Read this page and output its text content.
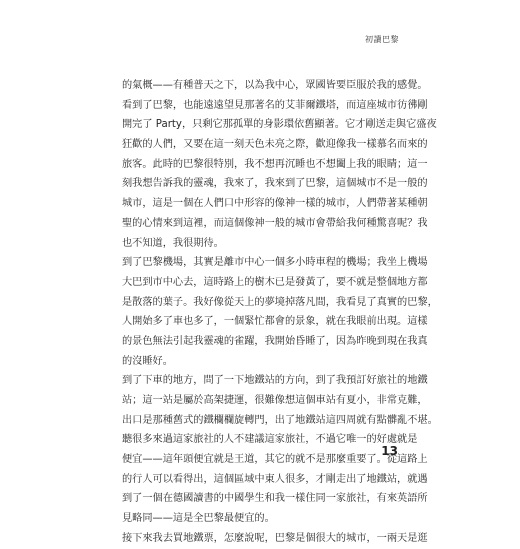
初讀巴黎
的氣概——有種普天之下，以為我中心，眾國皆要臣服於我的感覺。
看到了巴黎，也能遠遠望見那著名的艾菲爾鐵塔，而這座城市彷彿剛
開完了 Party，只剩它那孤單的身影環依舊顯著。它才剛送走與它盛夜
狂歡的人們，又要在這一刻天色未亮之際，歡迎像我一樣慕名而來的
旅客。此時的巴黎很特別，我不想再沉睡也不想闔上我的眼睛；這一
刻我想告訴我的靈魂，我來了，我來到了巴黎，這個城市不是一般的
城市，這是一個在人們口中形容的像神一樣的城市，人們帶著某種朝
聖的心情來到這裡，而這個像神一般的城市會帶給我何種驚喜呢？我
也不知道，我很期待。
到了巴黎機場，其實是離市中心一個多小時車程的機場；我坐上機場
大巴到市中心去，這時路上的樹木已是發黃了，要不就是整個地方都
是散落的葉子。我好像從天上的夢境掉落凡間，我看見了真實的巴黎，
人開始多了車也多了，一個緊忙都會的景象，就在我眼前出現。這樣
的景色無法引起我靈魂的雀躍，我開始昏睡了，因為昨晚到現在我真
的沒睡好。
到了下車的地方，問了一下地鐵站的方向，到了我預訂好旅社的地鐵
站；這一站是屬於高架捷運，很難像想這個車站有夏小，非常克難，
出口是那種舊式的鐵欄欄旋轉門，出了地鐵站這四周就有點髒亂不堪。
聽很多來過這家旅社的人不建議這家旅社，不過它唯一的好處就是
便宜——這年頭便宜就是王道，其它的就不是那麼重要了。從這路上
的行人可以看得出，這個區域中東人很多，才剛走出了地鐵站，就遇
到了一個在德國讀書的中國學生和我一樣住同一家旅社，有來英語所
見略同——這是全巴黎最便宜的。
接下來我去買地鐵票，怎麼說呢，巴黎是個很大的城市，一兩天是逛
13
